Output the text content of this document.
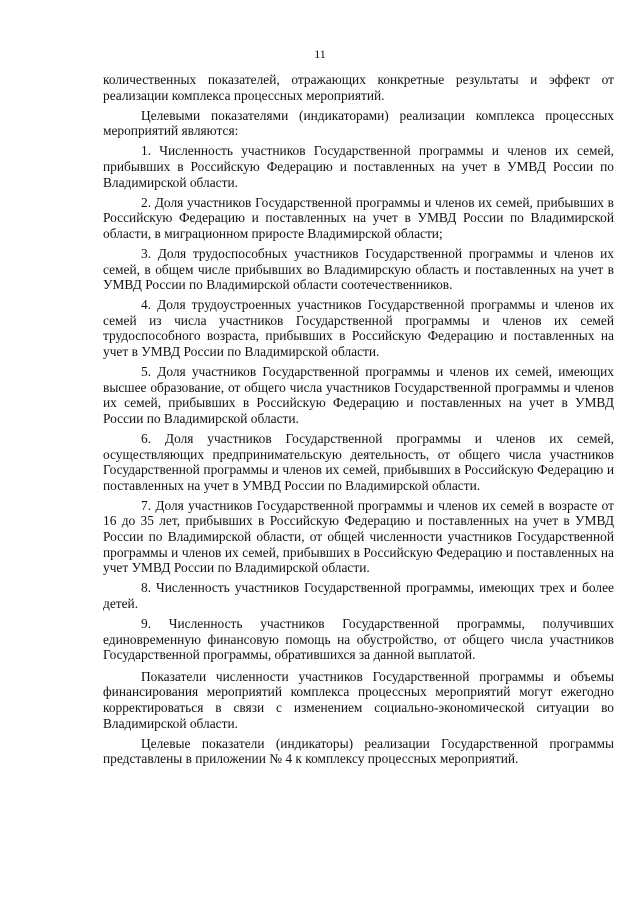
11

количественных показателей, отражающих конкретные результаты и эффект от реализации комплекса процессных мероприятий.

Целевыми показателями (индикаторами) реализации комплекса процессных мероприятий являются:

1. Численность участников Государственной программы и членов их семей, прибывших в Российскую Федерацию и поставленных на учет в УМВД России по Владимирской области.

2. Доля участников Государственной программы и членов их семей, прибывших в Российскую Федерацию и поставленных на учет в УМВД России по Владимирской области, в миграционном приросте Владимирской области;

3. Доля трудоспособных участников Государственной программы и членов их семей, в общем числе прибывших во Владимирскую область и поставленных на учет в УМВД России по Владимирской области соотечественников.

4. Доля трудоустроенных участников Государственной программы и членов их семей из числа участников Государственной программы и членов их семей трудоспособного возраста, прибывших в Российскую Федерацию и поставленных на учет в УМВД России по Владимирской области.

5. Доля участников Государственной программы и членов их семей, имеющих высшее образование, от общего числа участников Государственной программы и членов их семей, прибывших в Российскую Федерацию и поставленных на учет в УМВД России по Владимирской области.

6. Доля участников Государственной программы и членов их семей, осуществляющих предпринимательскую деятельность, от общего числа участников Государственной программы и членов их семей, прибывших в Российскую Федерацию и поставленных на учет в УМВД России по Владимирской области.

7. Доля участников Государственной программы и членов их семей в возрасте от 16 до 35 лет, прибывших в Российскую Федерацию и поставленных на учет в УМВД России по Владимирской области, от общей численности участников Государственной программы и членов их семей, прибывших в Российскую Федерацию и поставленных на учет УМВД России по Владимирской области.

8. Численность участников Государственной программы, имеющих трех и более детей.

9. Численность участников Государственной программы, получивших единовременную финансовую помощь на обустройство, от общего числа участников Государственной программы, обратившихся за данной выплатой.

Показатели численности участников Государственной программы и объемы финансирования мероприятий комплекса процессных мероприятий могут ежегодно корректироваться в связи с изменением социально-экономической ситуации во Владимирской области.

Целевые показатели (индикаторы) реализации Государственной программы представлены в приложении № 4 к комплексу процессных мероприятий.
